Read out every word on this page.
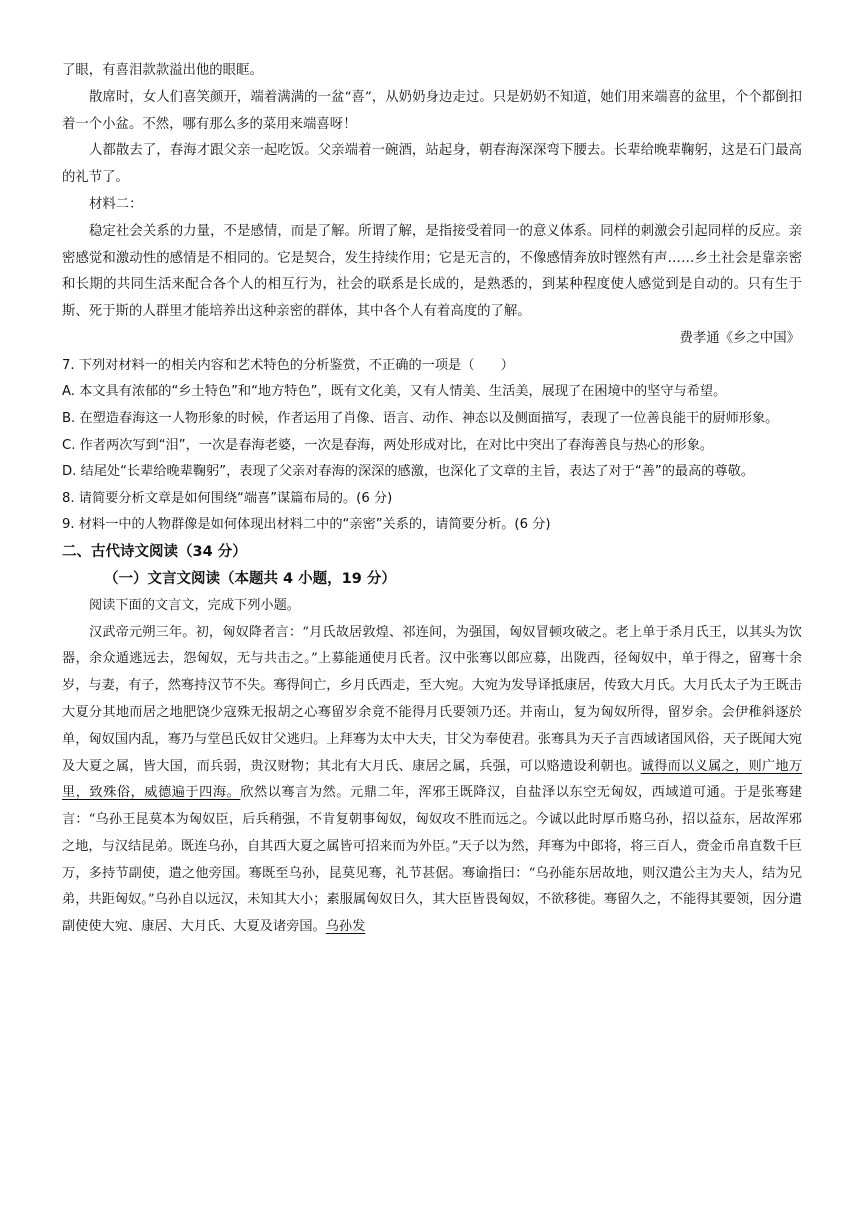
了眼，有喜泪款款溢出他的眼眶。

散席时，女人们喜笑颜开，端着满满的一盆“喜”，从奶奶身边走过。只是奶奶不知道，她们用来端喜的盆里，个个都倒扣着一个小盆。不然，哪有那么多的菜用来端喜呀！

人都散去了，春海才跟父亲一起吃饭。父亲端着一碗酒，站起身，朝春海深深弯下腰去。长辈给晚辈鞠躬，这是石门最高的礼节了。

材料二：

稳定社会关系的力量，不是感情，而是了解。所谓了解，是指接受着同一的意义体系。同样的刺激会引起同样的反应。亲密感觉和激动性的感情是不相同的。它是契合，发生持续作用；它是无言的，不像感情奔放时铿然有声……乡土社会是靠亲密和长期的共同生活来配合各个人的相互行为，社会的联系是长成的，是熟悉的，到某种程度使人感觉到是自动的。只有生于斯、死于斯的人群里才能培养出这种亲密的群体，其中各个人有着高度的了解。

费孝通《乡之中国》

7. 下列对材料一的相关内容和艺术特色的分析鉴赏，不正确的一项是（　　）

A. 本文具有浓郁的“乡土特色”和“地方特色”，既有文化美，又有人情美、生活美，展现了在困境中的坚守与希望。

B. 在塑造春海这一人物形象的时候，作者运用了肖像、语言、动作、神态以及侧面描写，表现了一位善良能干的厨师形象。

C. 作者两次写到“泪”，一次是春海老婆，一次是春海，两处形成对比，在对比中突出了春海善良与热心的形象。

D. 结尾处“长辈给晚辈鞠躬”，表现了父亲对春海的深深的感激，也深化了文章的主旨，表达了对于“善”的最高的尊敬。

8. 请简要分析文章是如何围绕“端喜”谋篇布局的。(6 分)

9. 材料一中的人物群像是如何体现出材料二中的“亲密”关系的，请简要分析。(6 分)

二、古代诗文阅读（34 分）

（一）文言文阅读（本题共 4 小题，19 分）

阅读下面的文言文，完成下列小题。

汉武帝元朔三年。初，匈奴降者言：“月氏故居敦煌、祁连间，为强国，匈奴冒顿攻破之。老上单于杀月氏王，以其头为饮器，余众遁逃远去，怨匈奴，无与共击之。”上募能通使月氏者。汉中张骞以郎应募，出陇西，径匈奴中，单于得之，留骞十余岁，与妻，有子，然骞持汉节不失。骞得间亡，乡月氏西走，至大宛。大宛为发导译抵康居，传致大月氏。大月氏太子为王既击大夏分其地而居之地肥饶少寇殊无报胡之心骞留岁余竟不能得月氏要领乃还。并南山，复为匈奴所得，留岁余。会伊稚斜逐於单，匈奴国内乱，骞乃与堂邑氏奴甘父逃归。上拜骞为太中大夫，甘父为奉使君。张骞具为天子言西域诸国风俗，天子既闻大宛及大夏之属，皆大国，而兵弱，贵汉财物；其北有大月氏、康居之属，兵强，可以赂遗设利朝也。诚得而以义属之，则广地万里，致殊俗，威德遍于四海。欣然以骞言为然。元鼎二年，浑邪王既降汉，自盐泽以东空无匈奴，西域道可通。于是张骞建言：“乌孙王昆莫本为匈奴臣，后兵稍强，不肯复朝事匈奴，匈奴攻不胜而远之。今诚以此时厚币赂乌孙，招以益东，居故浑邪之地，与汉结昆弟。既连乌孙，自其西大夏之属皆可招来而为外臣。”天子以为然，拜骞为中郎将，将三百人，赍金币帛直数千巨万，多持节副使，遣之他旁国。骞既至乌孙，昆莫见骞，礼节甚倨。骞谕指曰：“乌孙能东居故地，则汉遣公主为夫人，结为兄弟，共距匈奴。”乌孙自以远汉，未知其大小；素服属匈奴日久，其大臣皆畏匈奴，不欲移徙。骞留久之，不能得其要领，因分遣副使使大宛、康居、大月氏、大夏及诸旁国。乌孙发
